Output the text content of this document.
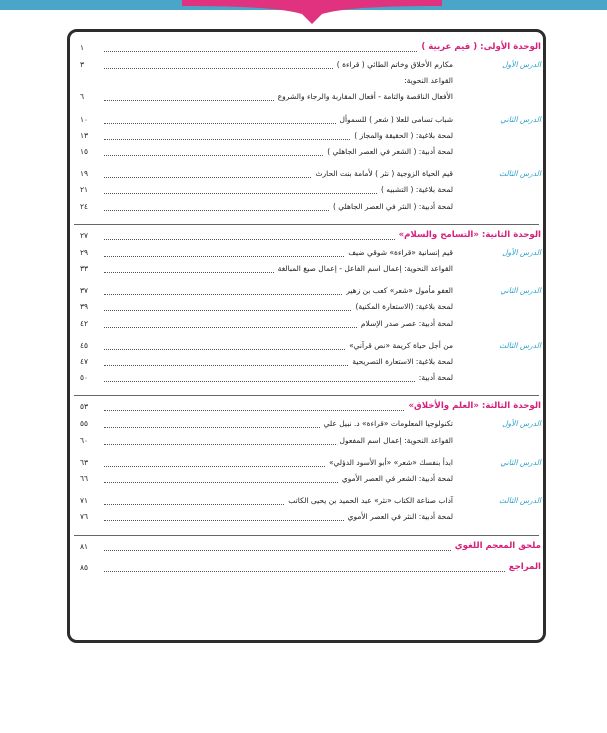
الوحدة الأولى: ( قيم عربية )
١
الدرس الأول
مكارم الأخلاق وخاتم الطائي ( قراءة )
٣
القواعد النحوية:
الأفعال الناقصة والتامة - أفعال المقاربة والرجاء والشروع
٦
الدرس الثاني
شباب تسامى للعلا ( شعر ) للسموأل
١٠
لمحة بلاغية: ( الحقيقة والمجاز )
١٣
لمحة أدبية: ( الشعر في العصر الجاهلي )
١٥
الدرس الثالث
قيم الحياة الزوجية ( نثر ) لأمامة بنت الحارث
١٩
لمحة بلاغية: ( التشبيه )
٢١
لمحة أدبية: ( النثر في العصر الجاهلي )
٢٤
الوحدة الثانية: «التسامح والسلام»
٢٧
الدرس الأول
قيم إنسانية «قراءة» شوقي ضيف
٢٩
القواعد النحوية: إعمال اسم الفاعل - إعمال صيغ المبالغة
٣٣
الدرس الثاني
العفو مأمول «شعر» كعب بن زهير
٣٧
لمحة بلاغية: (الاستعارة المكنية)
٣٩
لمحة أدبية: عصر صدر الإسلام
٤٢
الدرس الثالث
من أجل حياة كريمة «نص قرآني»
٤٥
لمحة بلاغية: الاستعارة التصريحية
٤٧
لمحة أدبية:
٥٠
الوحدة الثالثة: «العلم والأخلاق»
٥٣
الدرس الأول
تكنولوجيا المعلومات «قراءة» د. نبيل علي
٥٥
القواعد النحوية: إعمال اسم المفعول
٦٠
الدرس الثاني
ابدأ بنفسك «شعر» «أبو الأسود الدؤلي»
٦٣
لمحة أدبية: الشعر في العصر الأموي
٦٦
الدرس الثالث
آداب صناعة الكتاب «نثر» عبد الحميد بن يحيى الكاتب
٧١
لمحة أدبية: النثر في العصر الأموي
٧٦
ملحق المعجم اللغوي
٨١
المراجع
٨٥
